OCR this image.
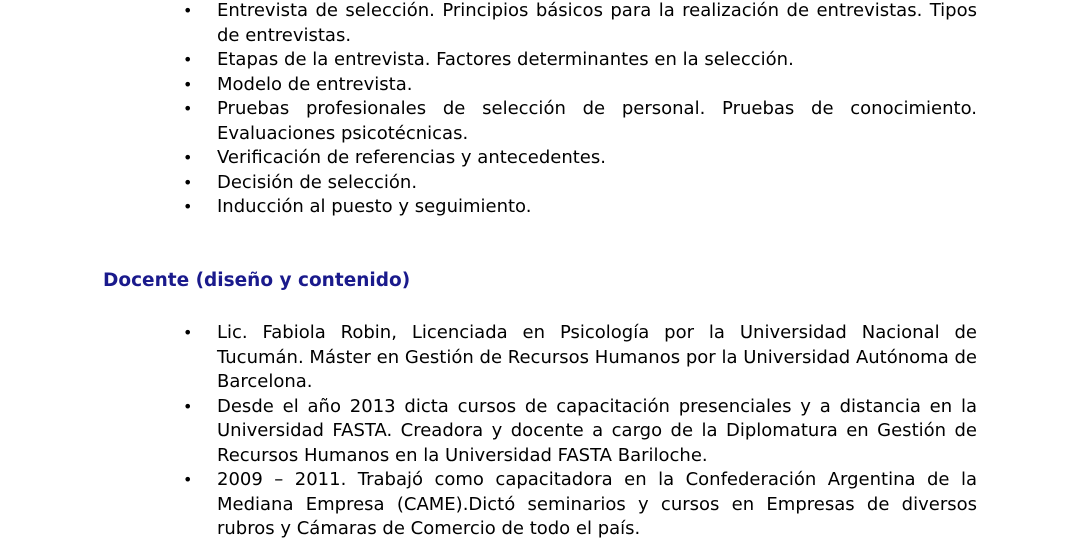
• Entrevista de selección. Principios básicos para la realización de entrevistas. Tipos de entrevistas.
• Etapas de la entrevista. Factores determinantes en la selección.
• Modelo de entrevista.
• Pruebas profesionales de selección de personal. Pruebas de conocimiento. Evaluaciones psicotécnicas.
• Verificación de referencias y antecedentes.
• Decisión de selección.
• Inducción al puesto y seguimiento.
Docente (diseño y contenido)
• Lic. Fabiola Robin, Licenciada en Psicología por la Universidad Nacional de Tucumán. Máster en Gestión de Recursos Humanos por la Universidad Autónoma de Barcelona.
• Desde el año 2013 dicta cursos de capacitación presenciales y a distancia en la Universidad FASTA. Creadora y docente a cargo de la Diplomatura en Gestión de Recursos Humanos en la Universidad FASTA Bariloche.
• 2009 – 2011. Trabajó como capacitadora en la Confederación Argentina de la Mediana Empresa (CAME).Dictó seminarios y cursos en Empresas de diversos rubros y Cámaras de Comercio de todo el país.
